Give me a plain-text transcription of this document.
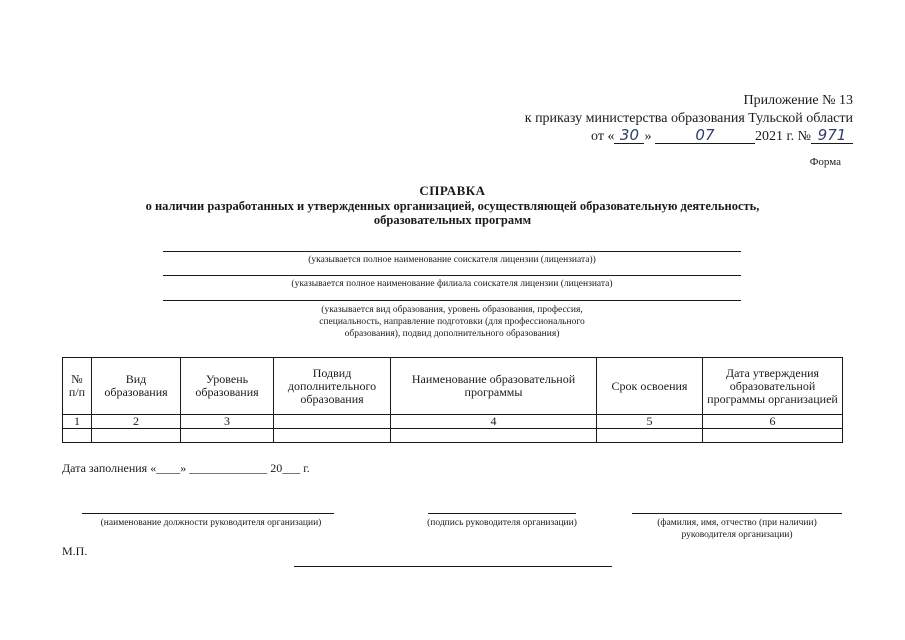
Приложение № 13
к приказу министерства образования Тульской области
от « 30 »	07	2021 г. № 971
Форма
СПРАВКА
о наличии разработанных и утвержденных организацией, осуществляющей образовательную деятельность,
образовательных программ
(указывается полное наименование соискателя лицензии (лицензиата))
(указывается полное наименование филиала соискателя лицензии (лицензиата)
(указывается вид образования, уровень образования, профессия,
специальность, направление подготовки (для профессионального
образования), подвид дополнительного образования)
№ п/п	Вид образования	Уровень образования	Подвид дополнительного образования	Наименование образовательной программы	Срок освоения	Дата утверждения образовательной программы организацией
1	2	3		4	5	6

Дата заполнения «____» _____________ 20___ г.
(наименование должности руководителя организации)	(подпись руководителя организации)	(фамилия, имя, отчество (при наличии)
руководителя организации)
М.П.
